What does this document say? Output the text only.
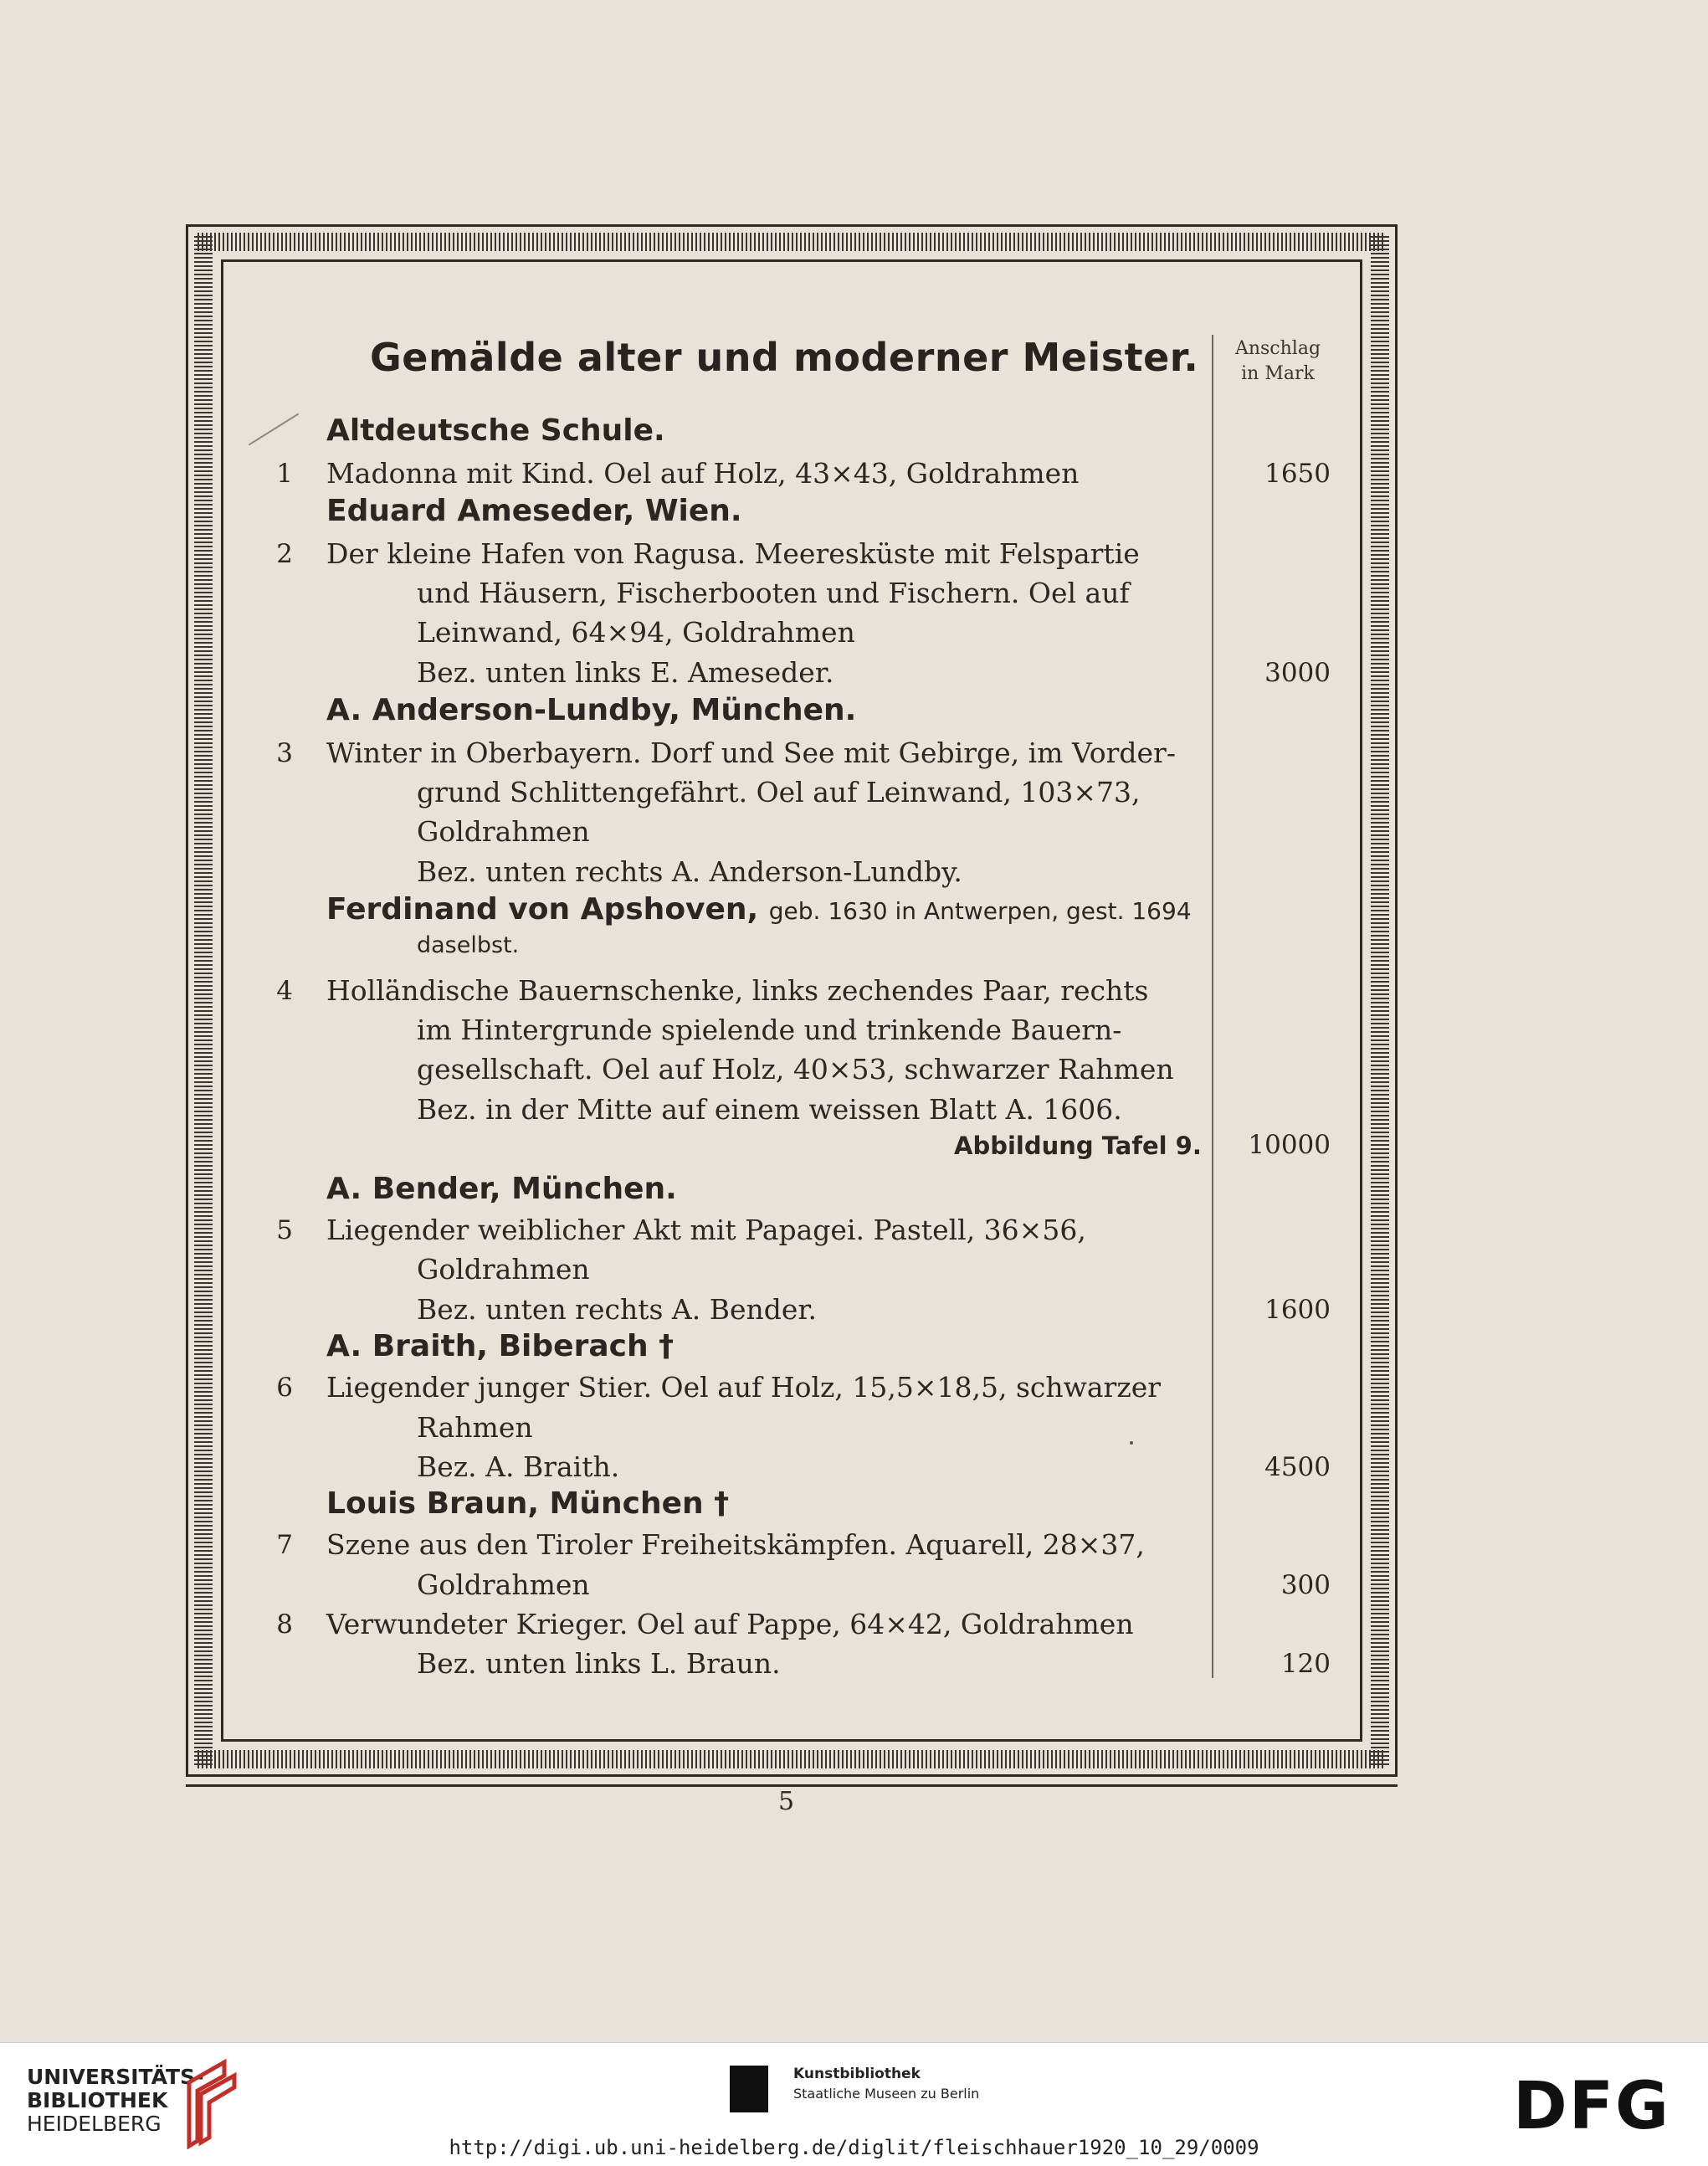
Gemälde alter und moderner Meister.	Anschlag
in Mark
Altdeutsche Schule.
1 Madonna mit Kind. Oel auf Holz, 43×43, Goldrahmen	1650
Eduard Ameseder, Wien.
2 Der kleine Hafen von Ragusa. Meeresküste mit Felspartie
und Häusern, Fischerbooten und Fischern. Oel auf
Leinwand, 64×94, Goldrahmen
Bez. unten links E. Ameseder.	3000
A. Anderson-Lundby, München.
3 Winter in Oberbayern. Dorf und See mit Gebirge, im Vorder-
grund Schlittengefährt. Oel auf Leinwand, 103×73,
Goldrahmen
Bez. unten rechts A. Anderson-Lundby.
Ferdinand von Apshoven, geb. 1630 in Antwerpen, gest. 1694
daselbst.
4 Holländische Bauernschenke, links zechendes Paar, rechts
im Hintergrunde spielende und trinkende Bauern-
gesellschaft. Oel auf Holz, 40×53, schwarzer Rahmen
Bez. in der Mitte auf einem weissen Blatt A. 1606.
Abbildung Tafel 9.	10000
A. Bender, München.
5 Liegender weiblicher Akt mit Papagei. Pastell, 36×56,
Goldrahmen
Bez. unten rechts A. Bender.	1600
A. Braith, Biberach †
6 Liegender junger Stier. Oel auf Holz, 15,5×18,5, schwarzer
Rahmen
Bez. A. Braith.	4500
Louis Braun, München †
7 Szene aus den Tiroler Freiheitskämpfen. Aquarell, 28×37,
Goldrahmen	300
8 Verwundeter Krieger. Oel auf Pappe, 64×42, Goldrahmen
Bez. unten links L. Braun.	120
5
UNIVERSITÄTS-
BIBLIOTHEK
HEIDELBERG
Kunstbibliothek
Staatliche Museen zu Berlin	DFG
http://digi.ub.uni-heidelberg.de/diglit/fleischhauer1920_10_29/0009
